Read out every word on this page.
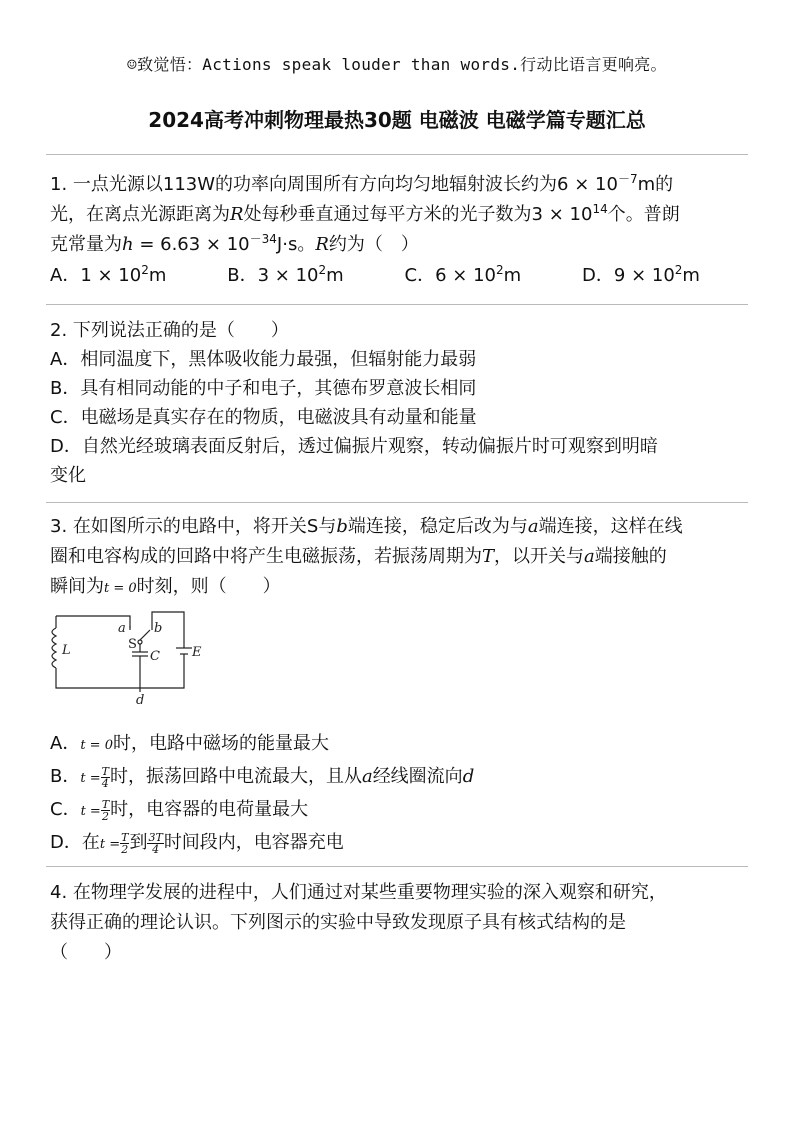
☺致觉悟：Actions speak louder than words.行动比语言更响亮。
2024高考冲刺物理最热30题 电磁波 电磁学篇专题汇总
1. 一点光源以113W的功率向周围所有方向均匀地辐射波长约为$6 \times 10^{-7}m$的
光，在离点光源距离为R处每秒垂直通过每平方米的光子数为$3 \times 10^{14}$个。普朗
克常量为$h = 6.63 \times 10^{-34}J\cdot s$。R约为（　）
A．$1 \times 10^2m$	B．$3 \times 10^2m$	C．$6 \times 10^2m$	D．$9 \times 10^2m$
2. 下列说法正确的是（　　）
A．相同温度下，黑体吸收能力最强，但辐射能力最弱
B．具有相同动能的中子和电子，其德布罗意波长相同
C．电磁场是真实存在的物质，电磁波具有动量和能量
D．自然光经玻璃表面反射后，透过偏振片观察，转动偏振片时可观察到明暗
变化
3. 在如图所示的电路中，将开关S与b端连接，稳定后改为与a端连接，这样在线
圈和电容构成的回路中将产生电磁振荡，若振荡周期为T，以开关与a端接触的
瞬间为t = 0时刻，则（　　）
a b
L	S
C E
d
A．t = 0时，电路中磁场的能量最大
B．$t = \frac{T}{4}$ 时，振荡回路中电流最大，且从a经线圈流向d
C．$t = \frac{T}{2}$ 时，电容器的电荷量最大
D．在$t = \frac{T}{2}$ 到 $\frac{3T}{4}$ 时间段内，电容器充电
4. 在物理学发展的进程中，人们通过对某些重要物理实验的深入观察和研究，
获得正确的理论认识。下列图示的实验中导致发现原子具有核式结构的是
（　　）
